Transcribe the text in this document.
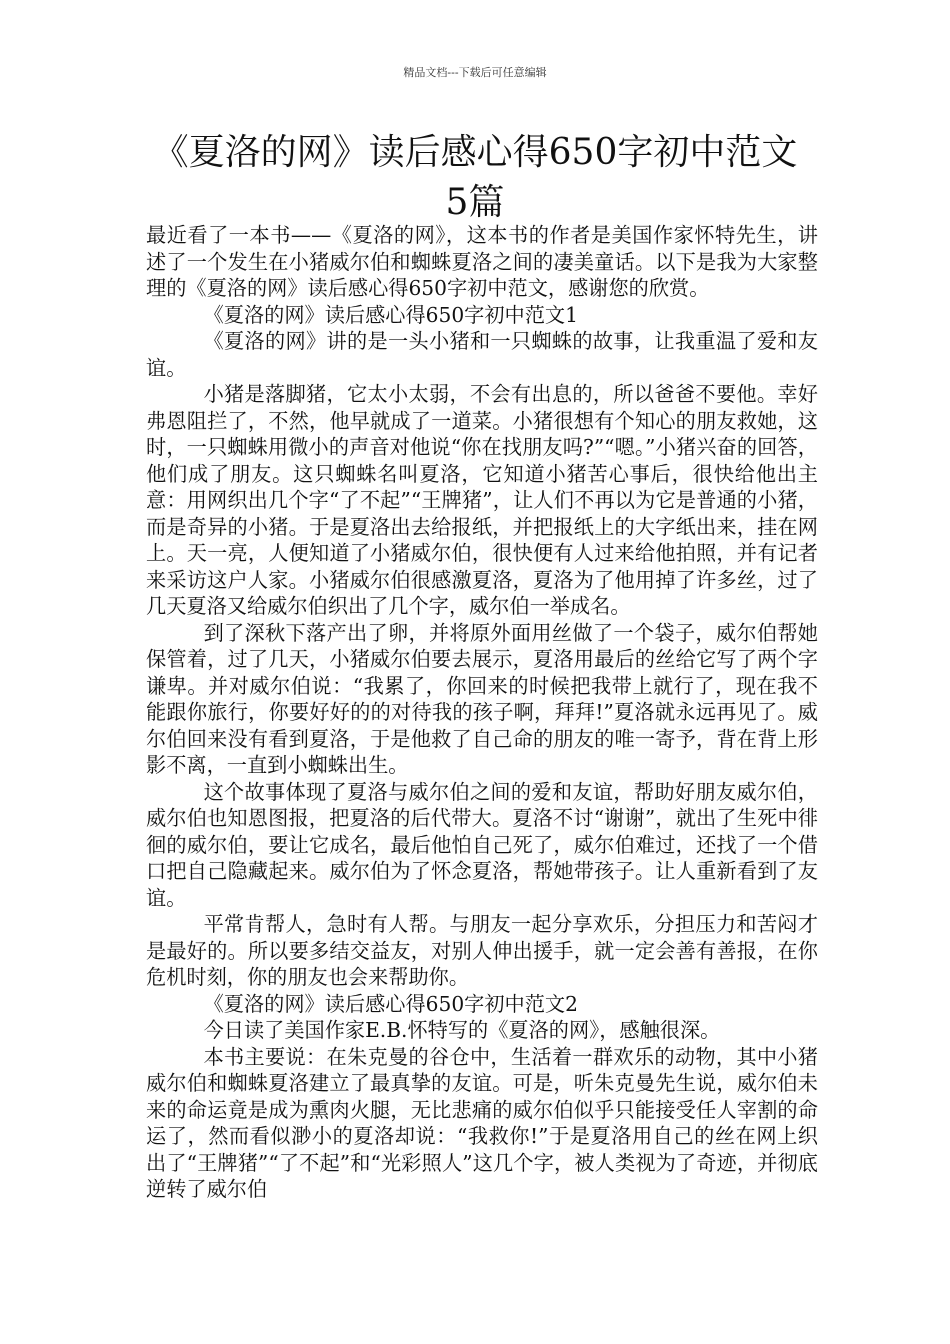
精品文档---下载后可任意编辑
《夏洛的网》读后感心得650字初中范文5篇

最近看了一本书——《夏洛的网》，这本书的作者是美国作家怀特先生，讲述了一个发生在小猪威尔伯和蜘蛛夏洛之间的凄美童话。以下是我为大家整理的《夏洛的网》读后感心得650字初中范文，感谢您的欣赏。

《夏洛的网》读后感心得650字初中范文1

《夏洛的网》讲的是一头小猪和一只蜘蛛的故事，让我重温了爱和友谊。

小猪是落脚猪，它太小太弱，不会有出息的，所以爸爸不要他。幸好弗恩阻拦了，不然，他早就成了一道菜。小猪很想有个知心的朋友救她，这时，一只蜘蛛用微小的声音对他说“你在找朋友吗?”“嗯。”小猪兴奋的回答，他们成了朋友。这只蜘蛛名叫夏洛，它知道小猪苦心事后，很快给他出主意：用网织出几个字“了不起”“王牌猪”，让人们不再以为它是普通的小猪，而是奇异的小猪。于是夏洛出去给报纸，并把报纸上的大字纸出来，挂在网上。天一亮，人便知道了小猪威尔伯，很快便有人过来给他拍照，并有记者来采访这户人家。小猪威尔伯很感激夏洛，夏洛为了他用掉了许多丝，过了几天夏洛又给威尔伯织出了几个字，威尔伯一举成名。

到了深秋下落产出了卵，并将原外面用丝做了一个袋子，威尔伯帮她保管着，过了几天，小猪威尔伯要去展示，夏洛用最后的丝给它写了两个字谦卑。并对威尔伯说：“我累了，你回来的时候把我带上就行了，现在我不能跟你旅行，你要好好的的对待我的孩子啊，拜拜!”夏洛就永远再见了。威尔伯回来没有看到夏洛，于是他救了自己命的朋友的唯一寄予，背在背上形影不离，一直到小蜘蛛出生。

这个故事体现了夏洛与威尔伯之间的爱和友谊，帮助好朋友威尔伯，威尔伯也知恩图报，把夏洛的后代带大。夏洛不讨“谢谢”，就出了生死中徘徊的威尔伯，要让它成名，最后他怕自己死了，威尔伯难过，还找了一个借口把自己隐藏起来。威尔伯为了怀念夏洛，帮她带孩子。让人重新看到了友谊。

平常肯帮人，急时有人帮。与朋友一起分享欢乐，分担压力和苦闷才是最好的。所以要多结交益友，对别人伸出援手，就一定会善有善报，在你危机时刻，你的朋友也会来帮助你。

《夏洛的网》读后感心得650字初中范文2

今日读了美国作家E.B.怀特写的《夏洛的网》，感触很深。

本书主要说：在朱克曼的谷仓中，生活着一群欢乐的动物，其中小猪威尔伯和蜘蛛夏洛建立了最真挚的友谊。可是，听朱克曼先生说，威尔伯未来的命运竟是成为熏肉火腿，无比悲痛的威尔伯似乎只能接受任人宰割的命运了，然而看似渺小的夏洛却说：“我救你!”于是夏洛用自己的丝在网上织出了“王牌猪”“了不起”和“光彩照人”这几个字，被人类视为了奇迹，并彻底逆转了威尔伯
